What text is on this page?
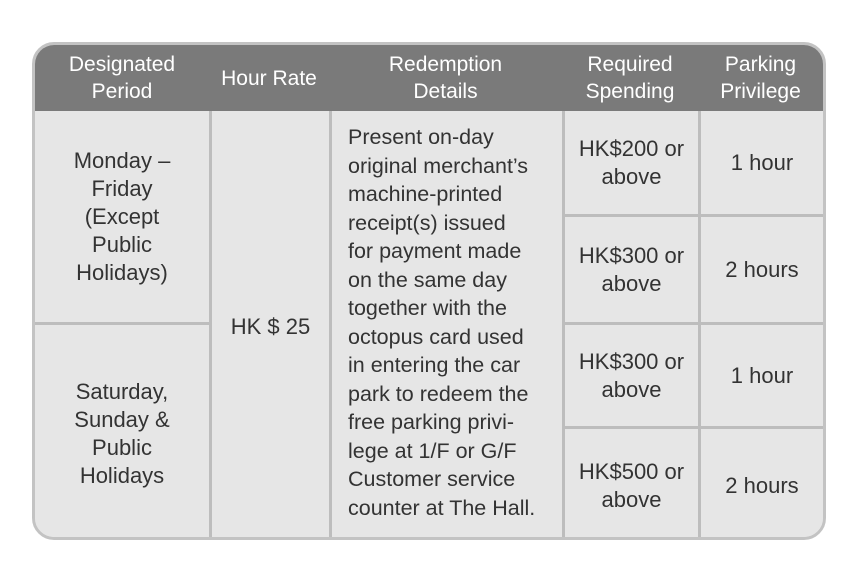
Designated
Period
Hour Rate
Redemption
Details
Required
Spending
Parking
Privilege
Monday –
Friday
(Except
Public
Holidays)
Saturday,
Sunday &
Public
Holidays
HK $ 25
Present on-day
original merchant’s
machine-printed
receipt(s) issued
for payment made
on the same day
together with the
octopus card used
in entering the car
park to redeem the
free parking privi-
lege at 1/F or G/F
Customer service
counter at The Hall.
HK$200 or
above
1 hour
HK$300 or
above
2 hours
HK$300 or
above
1 hour
HK$500 or
above
2 hours
